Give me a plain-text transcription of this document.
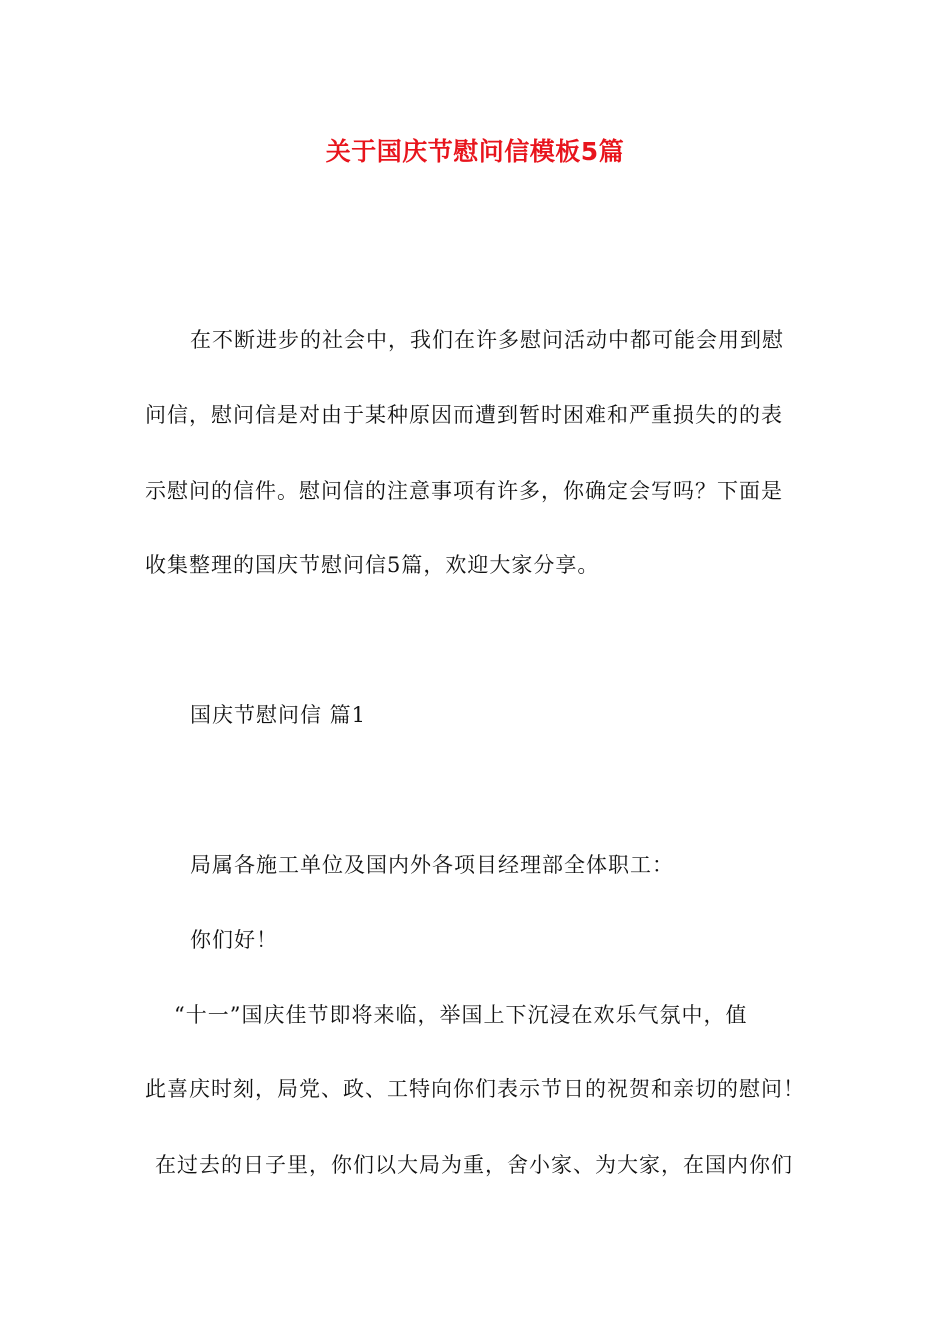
关于国庆节慰问信模板5篇
在不断进步的社会中，我们在许多慰问活动中都可能会用到慰
问信，慰问信是对由于某种原因而遭到暂时困难和严重损失的的表
示慰问的信件。慰问信的注意事项有许多，你确定会写吗？下面是
收集整理的国庆节慰问信5篇，欢迎大家分享。
国庆节慰问信 篇1
局属各施工单位及国内外各项目经理部全体职工：
你们好！
“十一”国庆佳节即将来临，举国上下沉浸在欢乐气氛中，值
此喜庆时刻，局党、政、工特向你们表示节日的祝贺和亲切的慰问！
在过去的日子里，你们以大局为重，舍小家、为大家，在国内你们
